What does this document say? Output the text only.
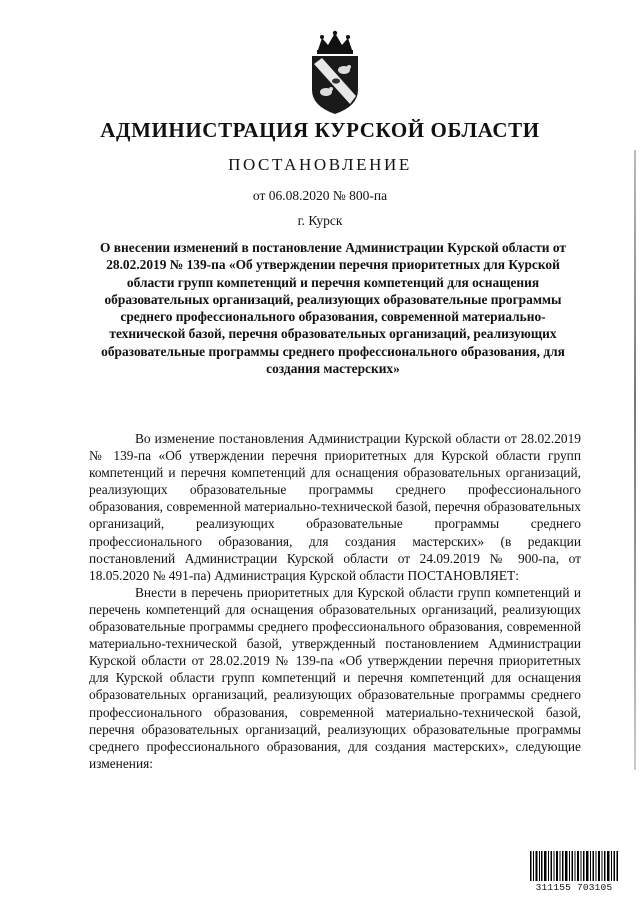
АДМИНИСТРАЦИЯ КУРСКОЙ ОБЛАСТИ
ПОСТАНОВЛЕНИЕ
от 06.08.2020 № 800-па
г. Курск
О внесении изменений в постановление Администрации Курской области от 28.02.2019 № 139-па «Об утверждении перечня приоритетных для Курской области групп компетенций и перечня компетенций для оснащения образовательных организаций, реализующих образовательные программы среднего профессионального образования, современной материально-технической базой, перечня образовательных организаций, реализующих образовательные программы среднего профессионального образования, для создания мастерских»

Во изменение постановления Администрации Курской области от 28.02.2019 № 139-па «Об утверждении перечня приоритетных для Курской области групп компетенций и перечня компетенций для оснащения образовательных организаций, реализующих образовательные программы среднего профессионального образования, современной материально-технической базой, перечня образовательных организаций, реализующих образовательные программы среднего профессионального образования, для создания мастерских» (в редакции постановлений Администрации Курской области от 24.09.2019 № 900-па, от 18.05.2020 № 491-па) Администрация Курской области ПОСТАНОВЛЯЕТ:

Внести в перечень приоритетных для Курской области групп компетенций и перечень компетенций для оснащения образовательных организаций, реализующих образовательные программы среднего профессионального образования, современной материально-технической базой, утвержденный постановлением Администрации Курской области от 28.02.2019 № 139-па «Об утверждении перечня приоритетных для Курской области групп компетенций и перечня компетенций для оснащения образовательных организаций, реализующих образовательные программы среднего профессионального образования, современной материально-технической базой, перечня образовательных организаций, реализующих образовательные программы среднего профессионального образования, для создания мастерских», следующие изменения:

311155 703105
